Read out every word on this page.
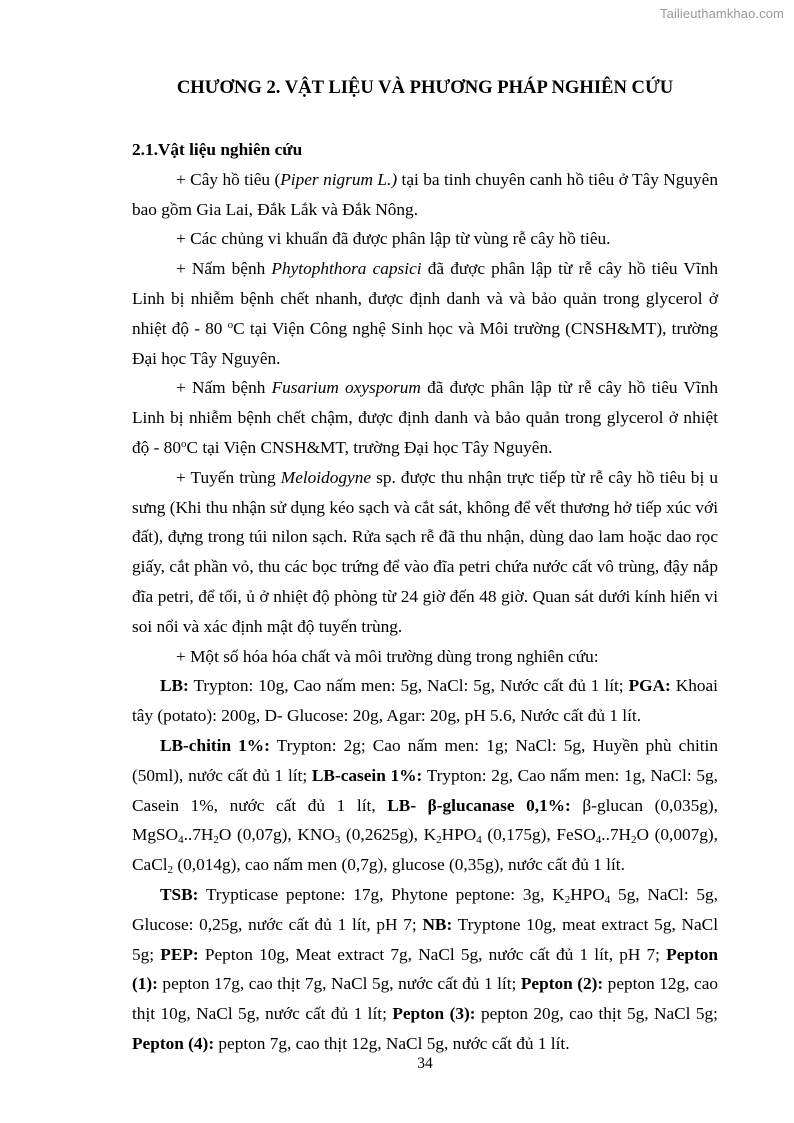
Tailieuthamkhao.com
CHƯƠNG 2. VẬT LIỆU VÀ PHƯƠNG PHÁP NGHIÊN CỨU

2.1.Vật liệu nghiên cứu

+ Cây hồ tiêu (Piper nigrum L.) tại ba tinh chuyên canh hồ tiêu ở Tây Nguyên bao gồm Gia Lai, Đắk Lắk và Đắk Nông.

+ Các chủng vi khuẩn đã được phân lập từ vùng rễ cây hồ tiêu.

+ Nấm bệnh Phytophthora capsici đã được phân lập từ rễ cây hồ tiêu Vĩnh Linh bị nhiễm bệnh chết nhanh, được định danh và và bảo quản trong glycerol ở nhiệt độ - 80 $^o$C tại Viện Công nghệ Sinh học và Môi trường (CNSH&MT), trường Đại học Tây Nguyên.

+ Nấm bệnh Fusarium oxysporum đã được phân lập từ rễ cây hồ tiêu Vĩnh Linh bị nhiễm bệnh chết chậm, được định danh và bảo quản trong glycerol ở nhiệt độ - 80$^o$C tại Viện CNSH&MT, trường Đại học Tây Nguyên.

+ Tuyến trùng Meloidogyne sp. được thu nhận trực tiếp từ rễ cây hồ tiêu bị u sưng (Khi thu nhận sử dụng kéo sạch và cắt sát, không để vết thương hở tiếp xúc với đất), đựng trong túi nilon sạch. Rửa sạch rễ đã thu nhận, dùng dao lam hoặc dao rọc giấy, cắt phần vỏ, thu các bọc trứng để vào đĩa petri chứa nước cất vô trùng, đậy nắp đĩa petri, để tối, ủ ở nhiệt độ phòng từ 24 giờ đến 48 giờ. Quan sát dưới kính hiển vi soi nổi và xác định mật độ tuyến trùng.

+ Một số hóa hóa chất và môi trường dùng trong nghiên cứu:

LB: Trypton: 10g, Cao nấm men: 5g, NaCl: 5g, Nước cất đủ 1 lít; PGA: Khoai tây (potato): 200g, D- Glucose: 20g, Agar: 20g, pH 5.6, Nước cất đủ 1 lít.

LB-chitin 1%: Trypton: 2g; Cao nấm men: 1g; NaCl: 5g, Huyền phù chitin (50ml), nước cất đủ 1 lít; LB-casein 1%: Trypton: 2g, Cao nấm men: 1g, NaCl: 5g, Casein 1%, nước cất đủ 1 lít, LB- β-glucanase 0,1%: β-glucan (0,035g), $MgSO_4..7H_2O$ (0,07g), $KNO_3$ (0,2625g), $K_2HPO_4$ (0,175g), $FeSO_4..7H_2O$ (0,007g), CaCl$_2$ (0,014g), cao nấm men (0,7g), glucose (0,35g), nước cất đủ 1 lít.

TSB: Trypticase peptone: 17g, Phytone peptone: 3g, $K_2HPO_4$ 5g, NaCl: 5g, Glucose: 0,25g, nước cất đủ 1 lít, pH 7; NB: Tryptone 10g, meat extract 5g, NaCl 5g; PEP: Pepton 10g, Meat extract 7g, NaCl 5g, nước cất đủ 1 lít, pH 7; Pepton (1): pepton 17g, cao thịt 7g, NaCl 5g, nước cất đủ 1 lít; Pepton (2): pepton 12g, cao thịt 10g, NaCl 5g, nước cất đủ 1 lít; Pepton (3): pepton 20g, cao thịt 5g, NaCl 5g; Pepton (4): pepton 7g, cao thịt 12g, NaCl 5g, nước cất đủ 1 lít.

34
